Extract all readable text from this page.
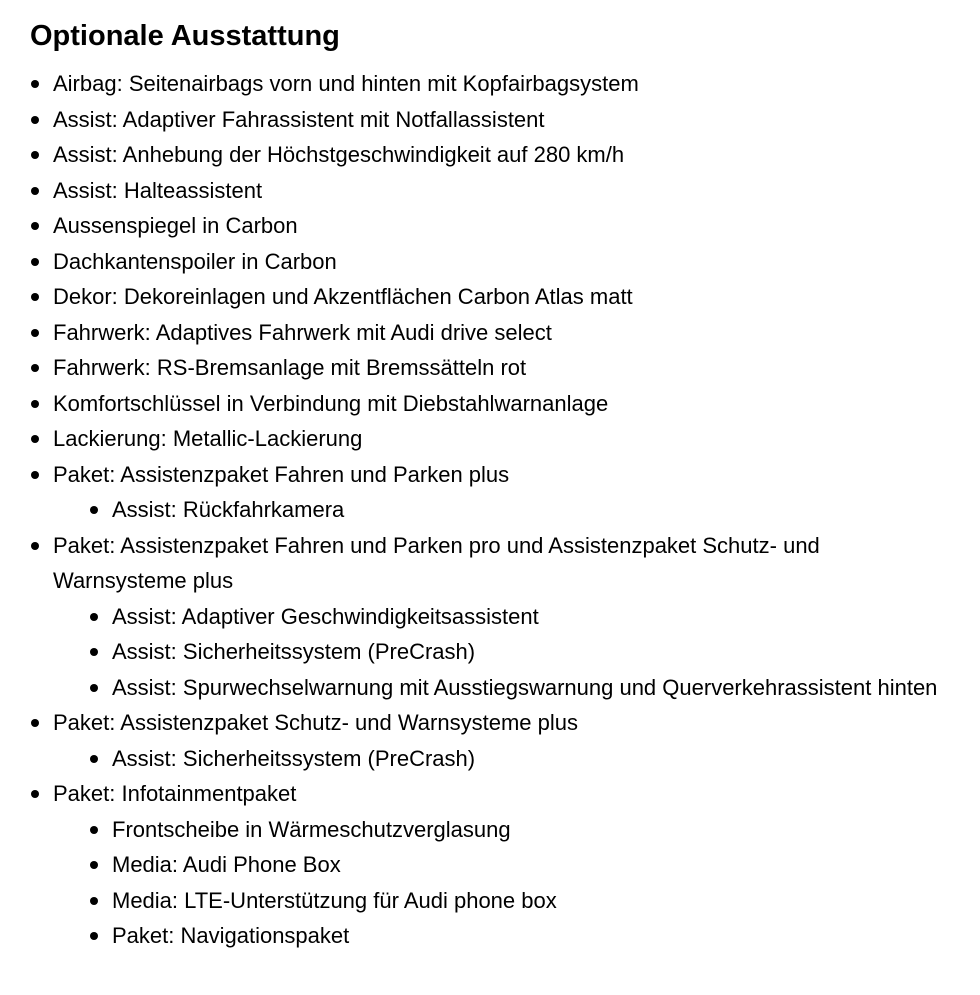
Optionale Ausstattung
Airbag: Seitenairbags vorn und hinten mit Kopfairbagsystem
Assist: Adaptiver Fahrassistent mit Notfallassistent
Assist: Anhebung der Höchstgeschwindigkeit auf 280 km/h
Assist: Halteassistent
Aussenspiegel in Carbon
Dachkantenspoiler in Carbon
Dekor: Dekoreinlagen und Akzentflächen Carbon Atlas matt
Fahrwerk: Adaptives Fahrwerk mit Audi drive select
Fahrwerk: RS-Bremsanlage mit Bremssätteln rot
Komfortschlüssel in Verbindung mit Diebstahlwarnanlage
Lackierung: Metallic-Lackierung
Paket: Assistenzpaket Fahren und Parken plus
Assist: Rückfahrkamera
Paket: Assistenzpaket Fahren und Parken pro und Assistenzpaket Schutz- und Warnsysteme plus
Assist: Adaptiver Geschwindigkeitsassistent
Assist: Sicherheitssystem (PreCrash)
Assist: Spurwechselwarnung mit Ausstiegswarnung und Querverkehrassistent hinten
Paket: Assistenzpaket Schutz- und Warnsysteme plus
Assist: Sicherheitssystem (PreCrash)
Paket: Infotainmentpaket
Frontscheibe in Wärmeschutzverglasung
Media: Audi Phone Box
Media: LTE-Unterstützung für Audi phone box
Paket: Navigationspaket
